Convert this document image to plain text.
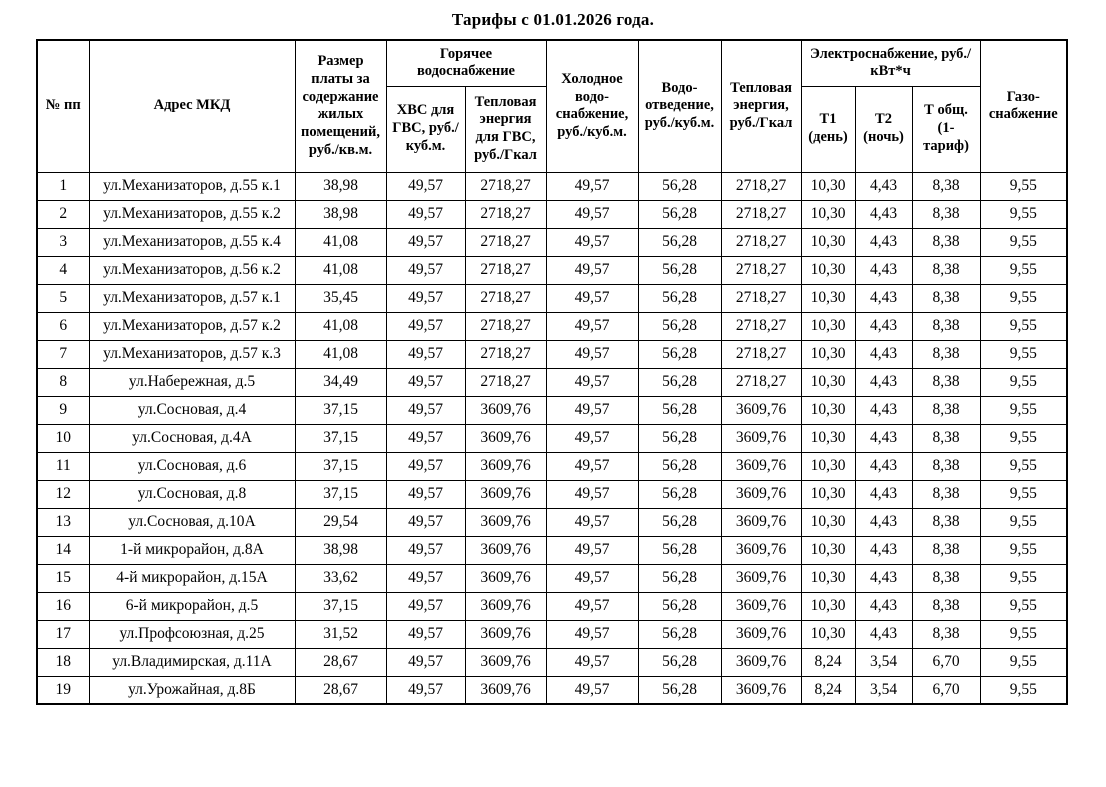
Тарифы с 01.01.2026 года.
№ пп	Адрес МКД	Размер платы за содержание жилых помещений, руб./кв.м.	Горячее водоснабжение		Холодное водо-снабжение, руб./куб.м.	Водо-отведение, руб./куб.м.	Тепловая энергия, руб./Гкал	Электроснабжение, руб./кВт*ч			Газо-снабжение
			ХВС для ГВС, руб./куб.м.	Тепловая энергия для ГВС, руб./Гкал				Т1 (день)	Т2 (ночь)	Т общ. (1-тариф)	
1	ул.Механизаторов, д.55 к.1	38,98	49,57	2718,27	49,57	56,28	2718,27	10,30	4,43	8,38	9,55
2	ул.Механизаторов, д.55 к.2	38,98	49,57	2718,27	49,57	56,28	2718,27	10,30	4,43	8,38	9,55
3	ул.Механизаторов, д.55 к.4	41,08	49,57	2718,27	49,57	56,28	2718,27	10,30	4,43	8,38	9,55
4	ул.Механизаторов, д.56 к.2	41,08	49,57	2718,27	49,57	56,28	2718,27	10,30	4,43	8,38	9,55
5	ул.Механизаторов, д.57 к.1	35,45	49,57	2718,27	49,57	56,28	2718,27	10,30	4,43	8,38	9,55
6	ул.Механизаторов, д.57 к.2	41,08	49,57	2718,27	49,57	56,28	2718,27	10,30	4,43	8,38	9,55
7	ул.Механизаторов, д.57 к.3	41,08	49,57	2718,27	49,57	56,28	2718,27	10,30	4,43	8,38	9,55
8	ул.Набережная, д.5	34,49	49,57	2718,27	49,57	56,28	2718,27	10,30	4,43	8,38	9,55
9	ул.Сосновая, д.4	37,15	49,57	3609,76	49,57	56,28	3609,76	10,30	4,43	8,38	9,55
10	ул.Сосновая, д.4А	37,15	49,57	3609,76	49,57	56,28	3609,76	10,30	4,43	8,38	9,55
11	ул.Сосновая, д.6	37,15	49,57	3609,76	49,57	56,28	3609,76	10,30	4,43	8,38	9,55
12	ул.Сосновая, д.8	37,15	49,57	3609,76	49,57	56,28	3609,76	10,30	4,43	8,38	9,55
13	ул.Сосновая, д.10А	29,54	49,57	3609,76	49,57	56,28	3609,76	10,30	4,43	8,38	9,55
14	1-й микрорайон, д.8А	38,98	49,57	3609,76	49,57	56,28	3609,76	10,30	4,43	8,38	9,55
15	4-й микрорайон, д.15А	33,62	49,57	3609,76	49,57	56,28	3609,76	10,30	4,43	8,38	9,55
16	6-й микрорайон, д.5	37,15	49,57	3609,76	49,57	56,28	3609,76	10,30	4,43	8,38	9,55
17	ул.Профсоюзная, д.25	31,52	49,57	3609,76	49,57	56,28	3609,76	10,30	4,43	8,38	9,55
18	ул.Владимирская, д.11А	28,67	49,57	3609,76	49,57	56,28	3609,76	8,24	3,54	6,70	9,55
19	ул.Урожайная, д.8Б	28,67	49,57	3609,76	49,57	56,28	3609,76	8,24	3,54	6,70	9,55
